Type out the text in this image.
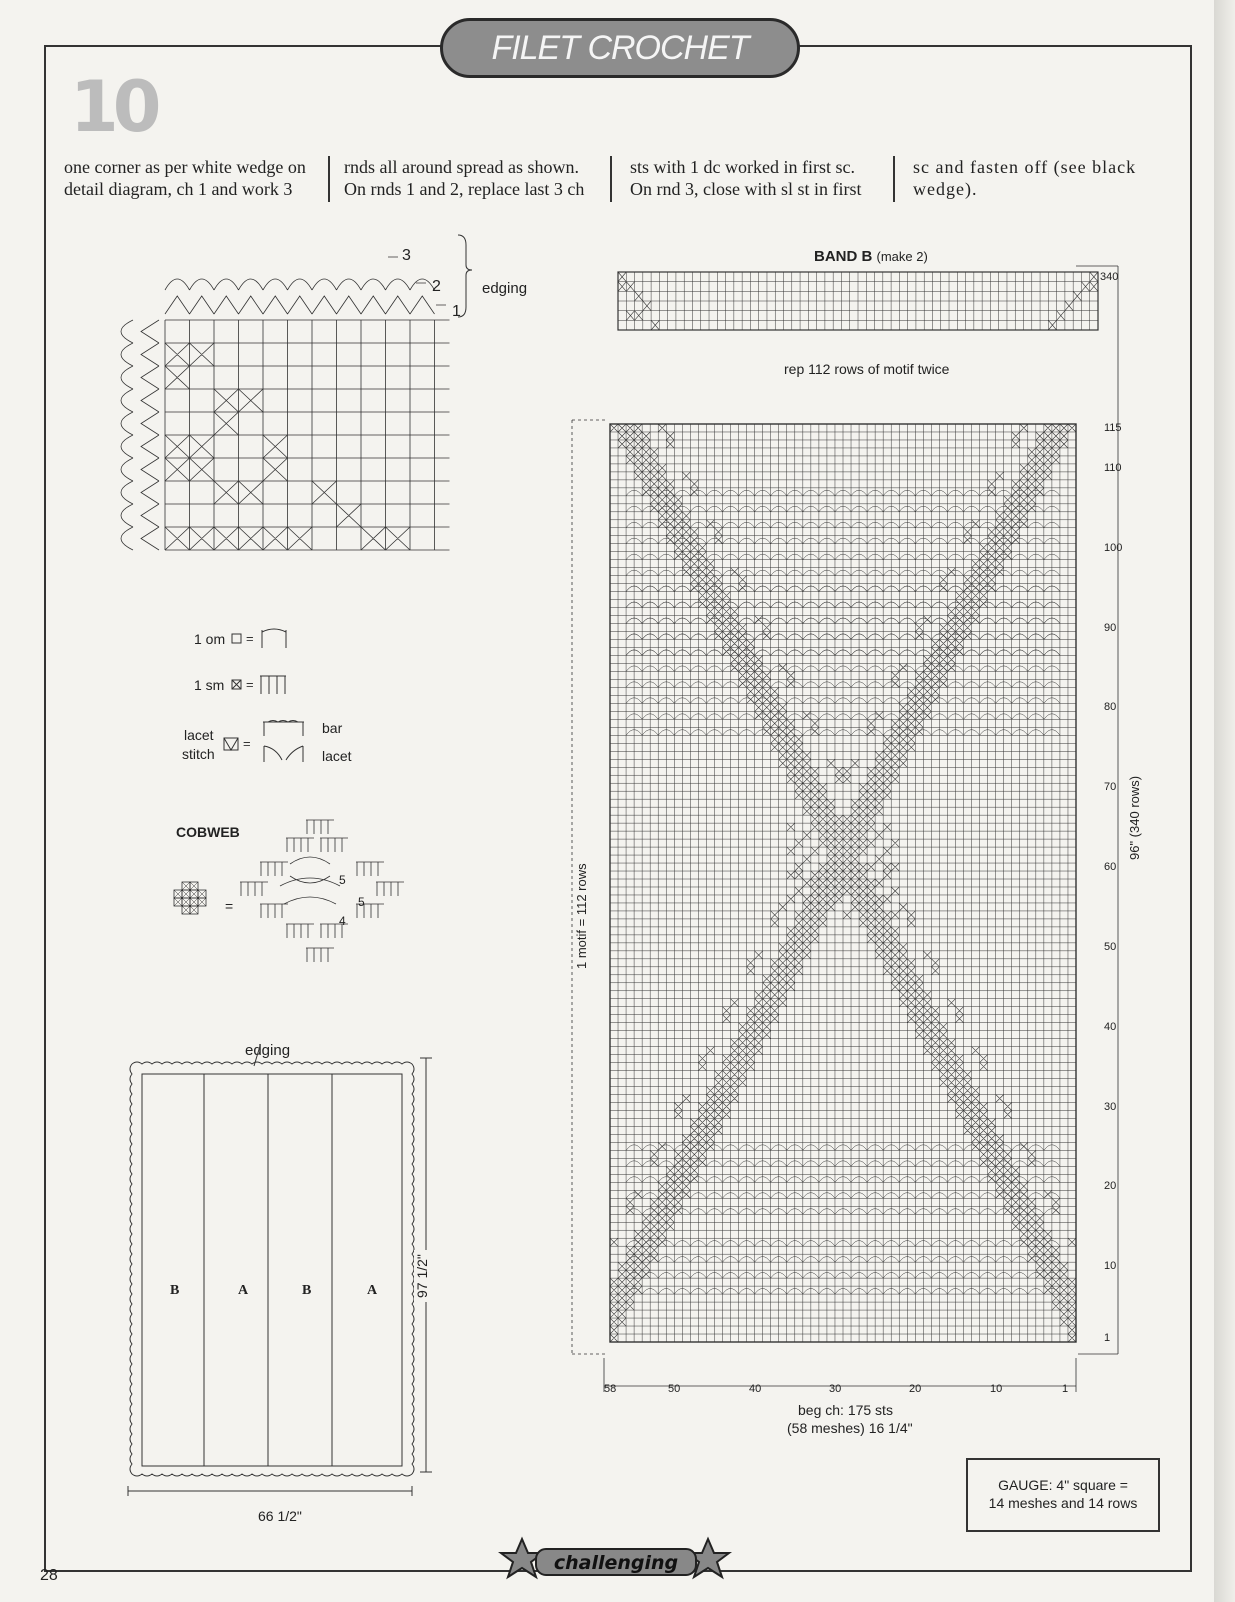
FILET CROCHET
10
one corner as per white wedge on
detail diagram, ch 1 and work 3
rnds all around spread as shown.
On rnds 1 and 2, replace last 3 ch
sts with 1 dc worked in first sc.
On rnd 3, close with sl st in first
sc and fasten off (see black
wedge).
edging
3
2
1
1 om =
1 sm =
lacet
stitch
=
bar
lacet
COBWEB
=
5
5
4
edging
B	A	B	A
66 1/2"
97 1/2"
BAND B (make 2)
340
rep 112 rows of motif twice
115
110
100
90
80
70
60
50
40
30
20
10
1
58	50	40	30	20	10	1
1 motif = 112 rows
96" (340 rows)
beg ch: 175 sts
(58 meshes) 16 1/4"
GAUGE: 4" square =
14 meshes and 14 rows
challenging
28
